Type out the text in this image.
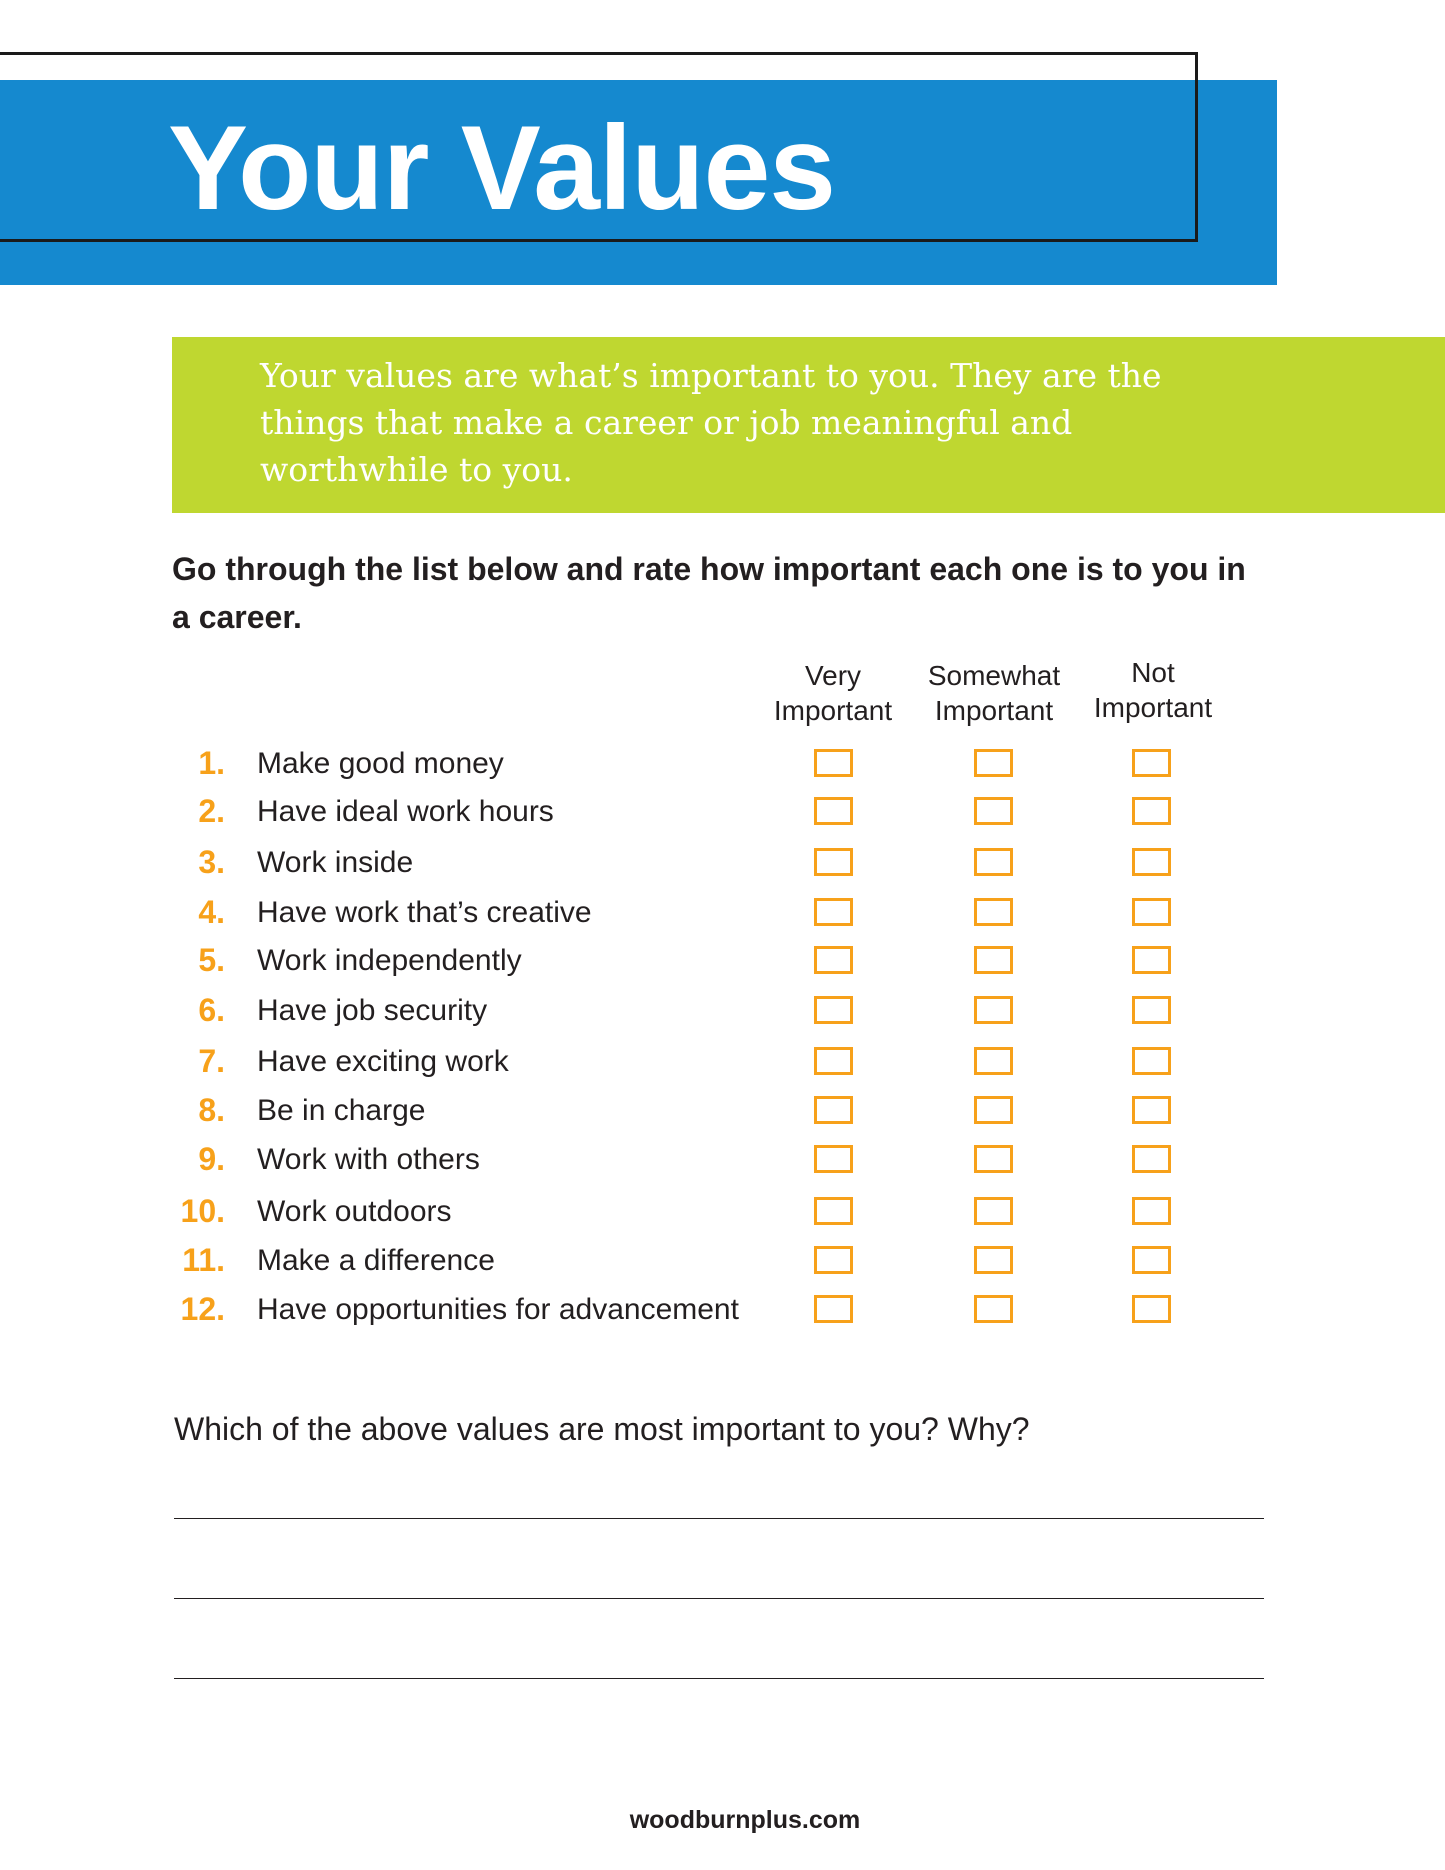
Your Values

Your values are what’s important to you. They are the things that make a career or job meaningful and worthwhile to you.

Go through the list below and rate how important each one is to you in a career.

Very
Important
Somewhat
Important
Not
Important
1. Make good money
2. Have ideal work hours
3. Work inside
4. Have work that’s creative
5. Work independently
6. Have job security
7. Have exciting work
8. Be in charge
9. Work with others
10. Work outdoors
11. Make a difference
12. Have opportunities for advancement

Which of the above values are most important to you? Why?

woodburnplus.com
